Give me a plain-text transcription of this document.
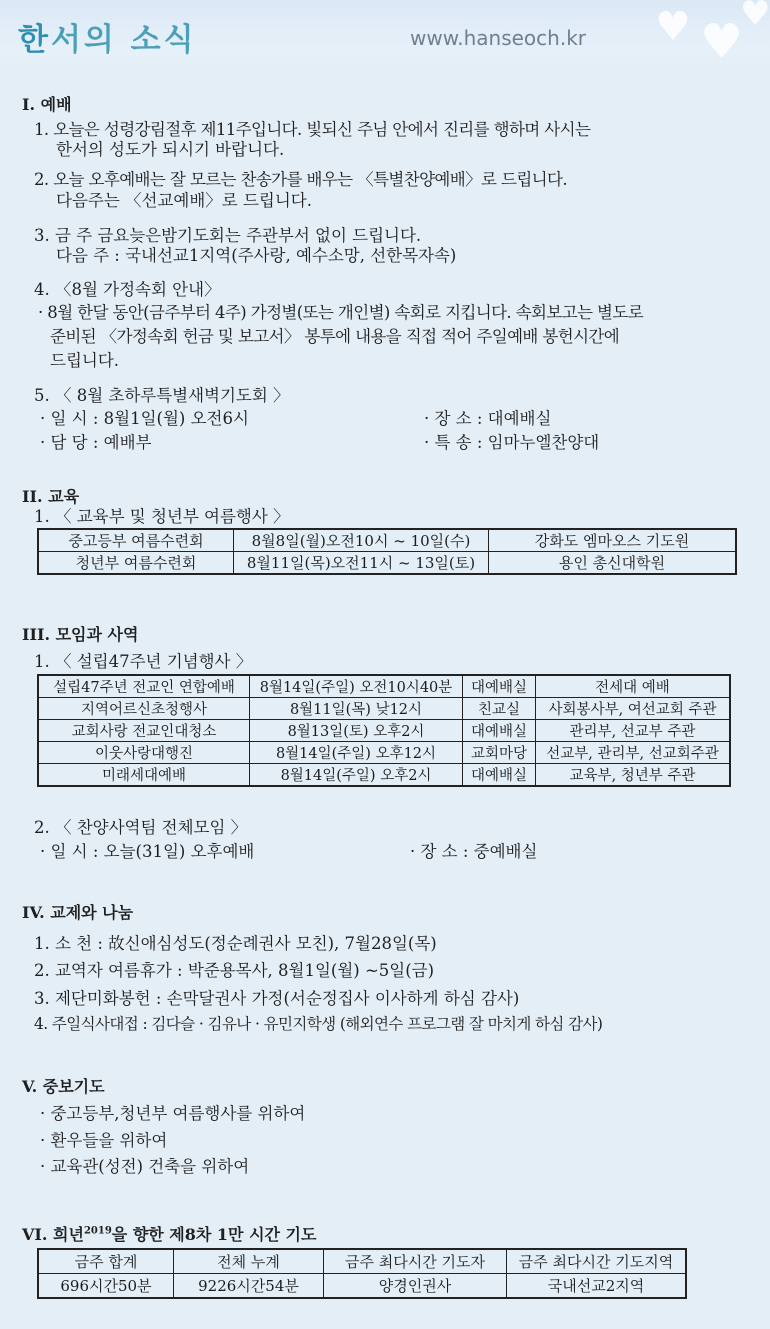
한서의 소식	www.hanseoch.kr ♥ ♥
♥
I. 예배
1. 오늘은 성령강림절후 제11주입니다. 빛되신 주님 안에서 진리를 행하며 사시는
한서의 성도가 되시기 바랍니다.
2. 오늘 오후예배는 잘 모르는 찬송가를 배우는 〈특별찬양예배〉로 드립니다.
다음주는 〈선교예배〉로 드립니다.
3. 금 주 금요늦은밤기도회는 주관부서 없이 드립니다.
다음 주 : 국내선교1지역(주사랑, 예수소망, 선한목자속)
4. 〈8월 가정속회 안내〉
· 8월 한달 동안(금주부터 4주) 가정별(또는 개인별) 속회로 지킵니다. 속회보고는 별도로
준비된 〈가정속회 헌금 및 보고서〉 봉투에 내용을 직접 적어 주일예배 봉헌시간에
드립니다.
5. 〈 8월 초하루특별새벽기도회 〉
· 일 시 : 8월1일(월) 오전6시	· 장 소 : 대예배실
· 담 당 : 예배부	· 특 송 : 임마누엘찬양대
II. 교육
1. 〈 교육부 및 청년부 여름행사 〉
중고등부 여름수련회	8월8일(월)오전10시 ~ 10일(수)	강화도 엠마오스 기도원
청년부 여름수련회	8월11일(목)오전11시 ~ 13일(토)	용인 총신대학원
III. 모임과 사역
1. 〈 설립47주년 기념행사 〉
설립47주년 전교인 연합예배	8월14일(주일) 오전10시40분	대예배실	전세대 예배
지역어르신초청행사	8월11일(목) 낮12시	친교실	사회봉사부, 여선교회 주관
교회사랑 전교인대청소	8월13일(토) 오후2시	대예배실	관리부, 선교부 주관
이웃사랑대행진	8월14일(주일) 오후12시	교회마당	선교부, 관리부, 선교회주관
미래세대예배	8월14일(주일) 오후2시	대예배실	교육부, 청년부 주관
2. 〈 찬양사역팀 전체모임 〉
· 일 시 : 오늘(31일) 오후예배	· 장 소 : 중예배실
IV. 교제와 나눔
1. 소 천 : 故신애심성도(정순례권사 모친), 7월28일(목)
2. 교역자 여름휴가 : 박준용목사, 8월1일(월) ~5일(금)
3. 제단미화봉헌 : 손막달권사 가정(서순정집사 이사하게 하심 감사)
4. 주일식사대접 : 김다슬 · 김유나 · 유민지학생 (해외연수 프로그램 잘 마치게 하심 감사)
V. 중보기도
· 중고등부,청년부 여름행사를 위하여
· 환우들을 위하여
· 교육관(성전) 건축을 위하여
VI. 희년$^{2019}$을 향한 제8차 1만 시간 기도
금주 합계	전체 누계	금주 최다시간 기도자	금주 최다시간 기도지역
696시간50분	9226시간54분	양경인권사	국내선교2지역
